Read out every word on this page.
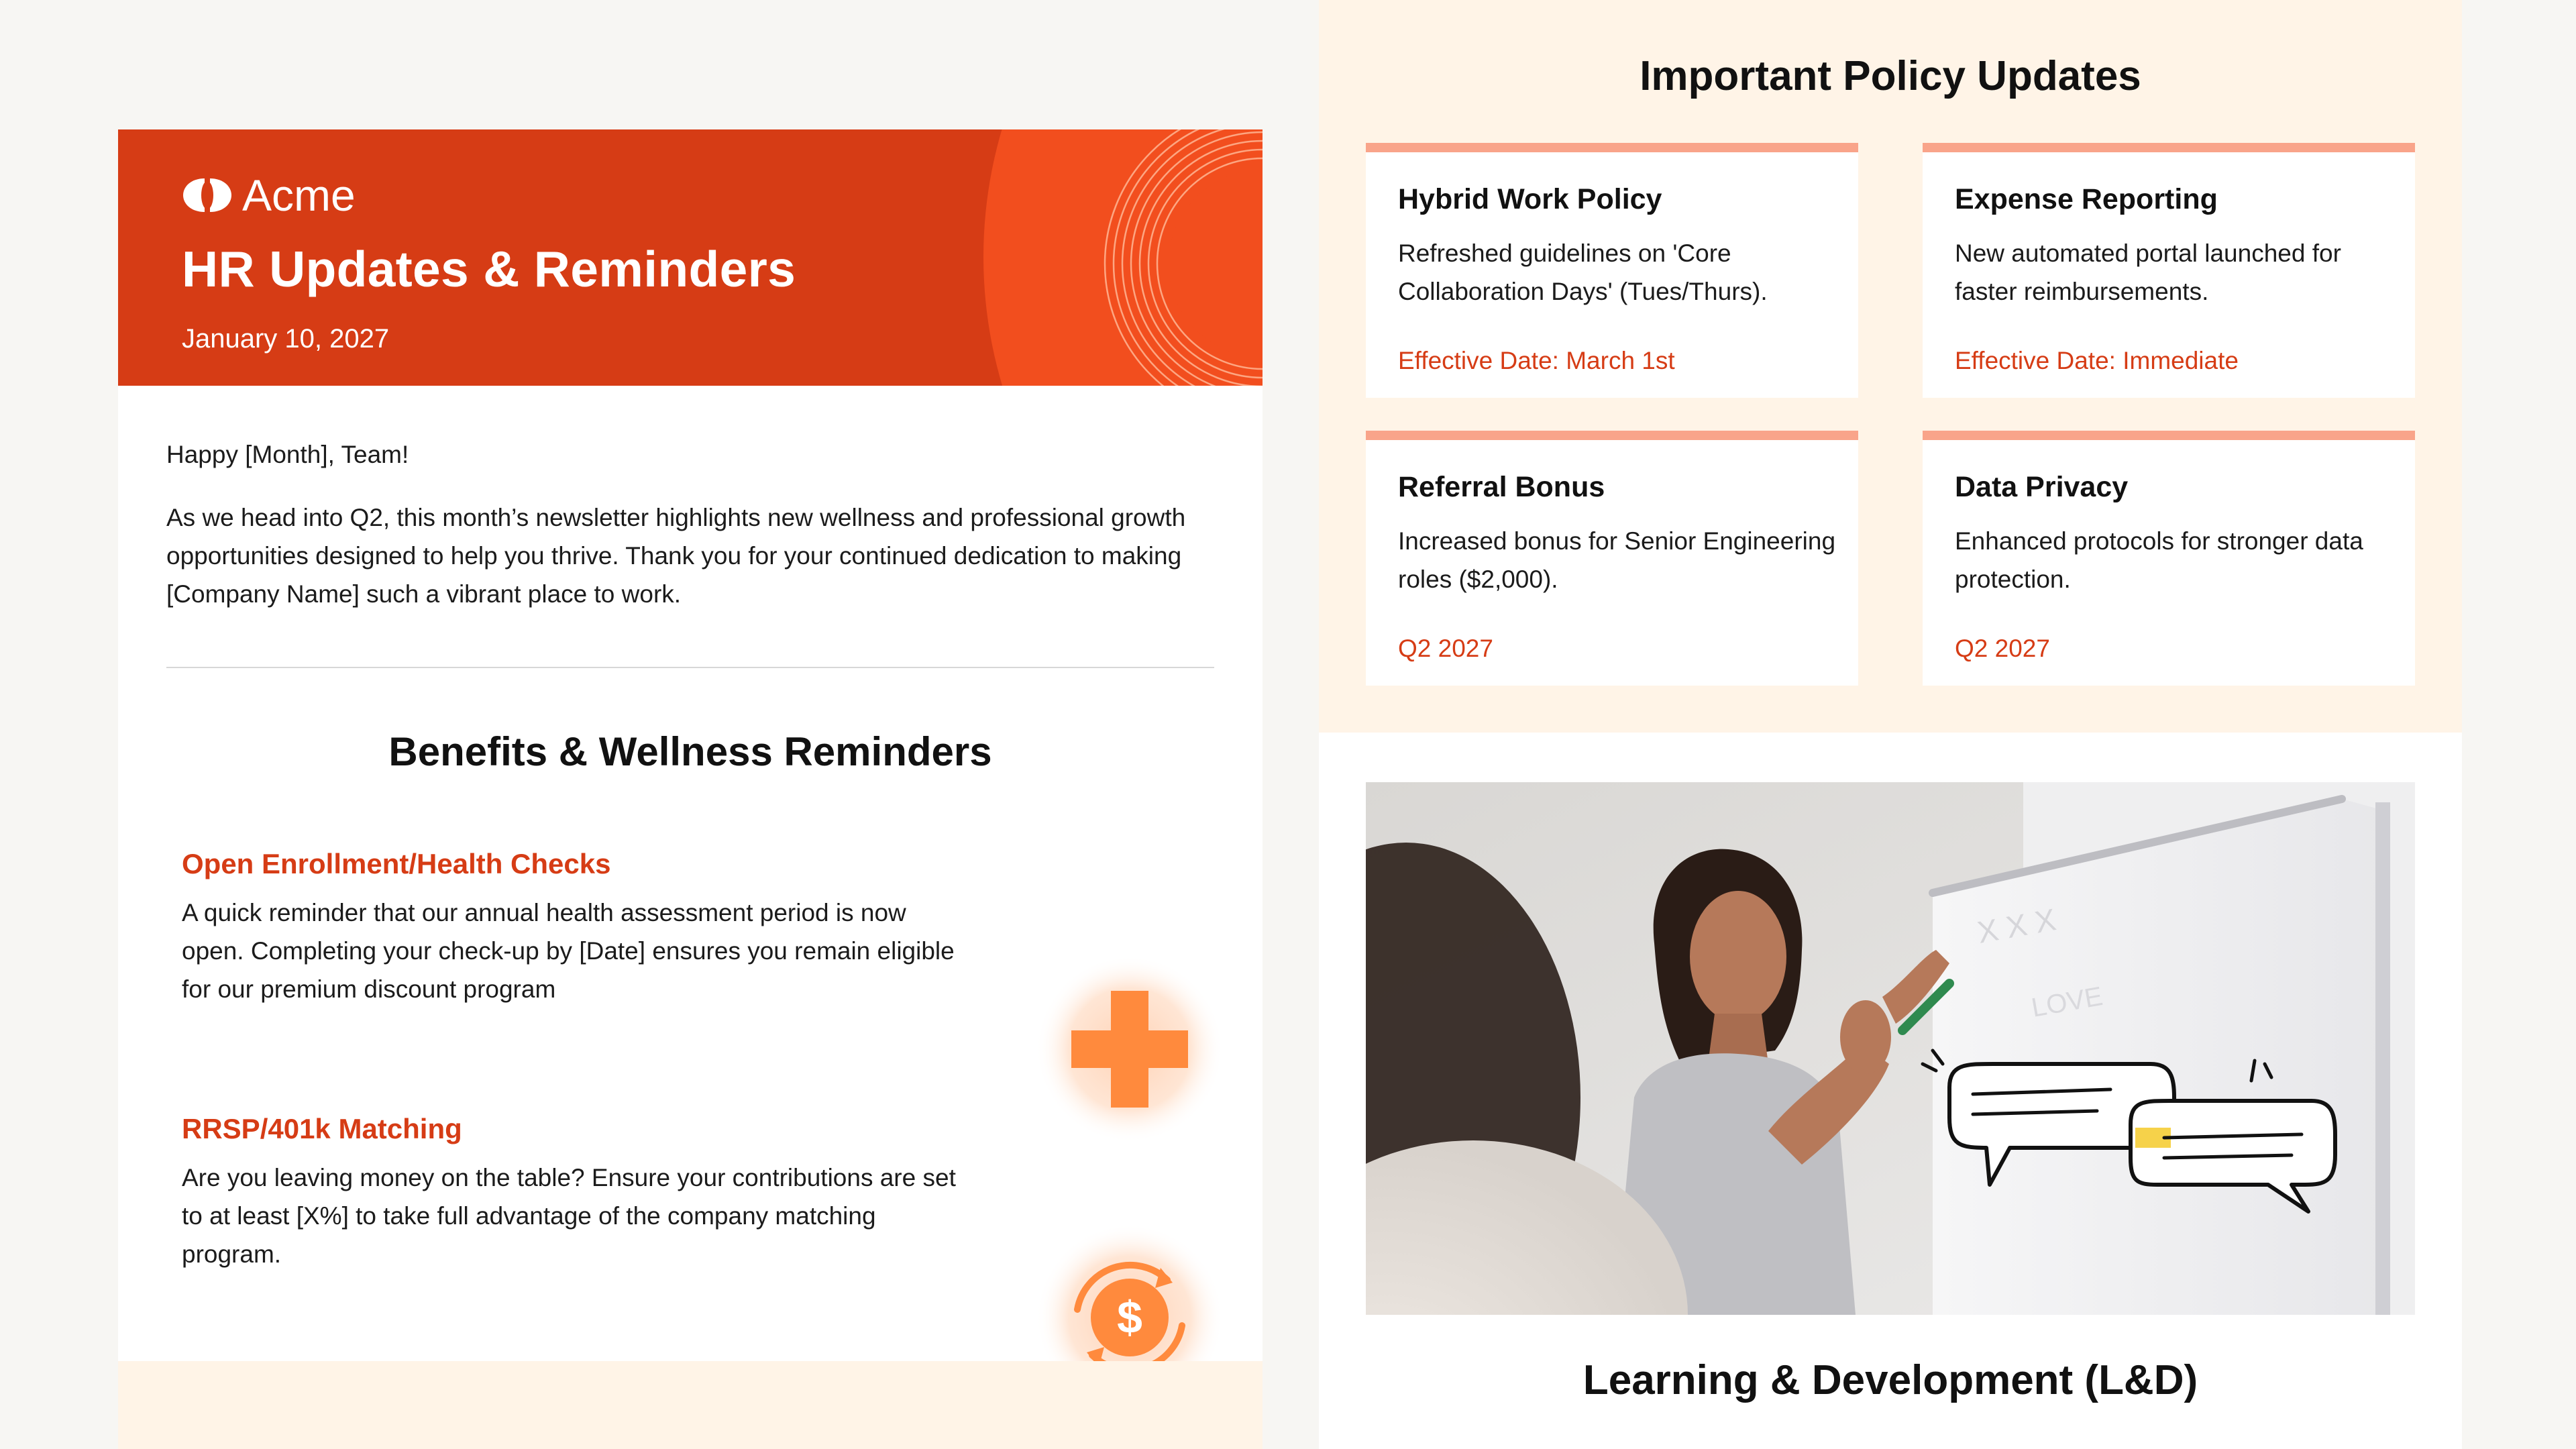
Acme
HR Updates & Reminders
January 10, 2027

Happy [Month], Team!

As we head into Q2, this month’s newsletter highlights new wellness and professional growth opportunities designed to help you thrive. Thank you for your continued dedication to making [Company Name] such a vibrant place to work.

Benefits & Wellness Reminders
Open Enrollment/Health Checks
A quick reminder that our annual health assessment period is now open. Completing your check-up by [Date] ensures you remain eligible for our premium discount program
RRSP/401k Matching
Are you leaving money on the table? Ensure your contributions are set to at least [X%] to take full advantage of the company matching program.
$
Important Policy Updates
Hybrid Work Policy
Refreshed guidelines on 'Core Collaboration Days' (Tues/Thurs).
Effective Date: March 1st
Expense Reporting
New automated portal launched for faster reimbursements.
Effective Date: Immediate
Referral Bonus
Increased bonus for Senior Engineering roles ($2,000).
Q2 2027
Data Privacy
Enhanced protocols for stronger data protection.
Q2 2027
X X X
LOVE
Learning & Development (L&D)
